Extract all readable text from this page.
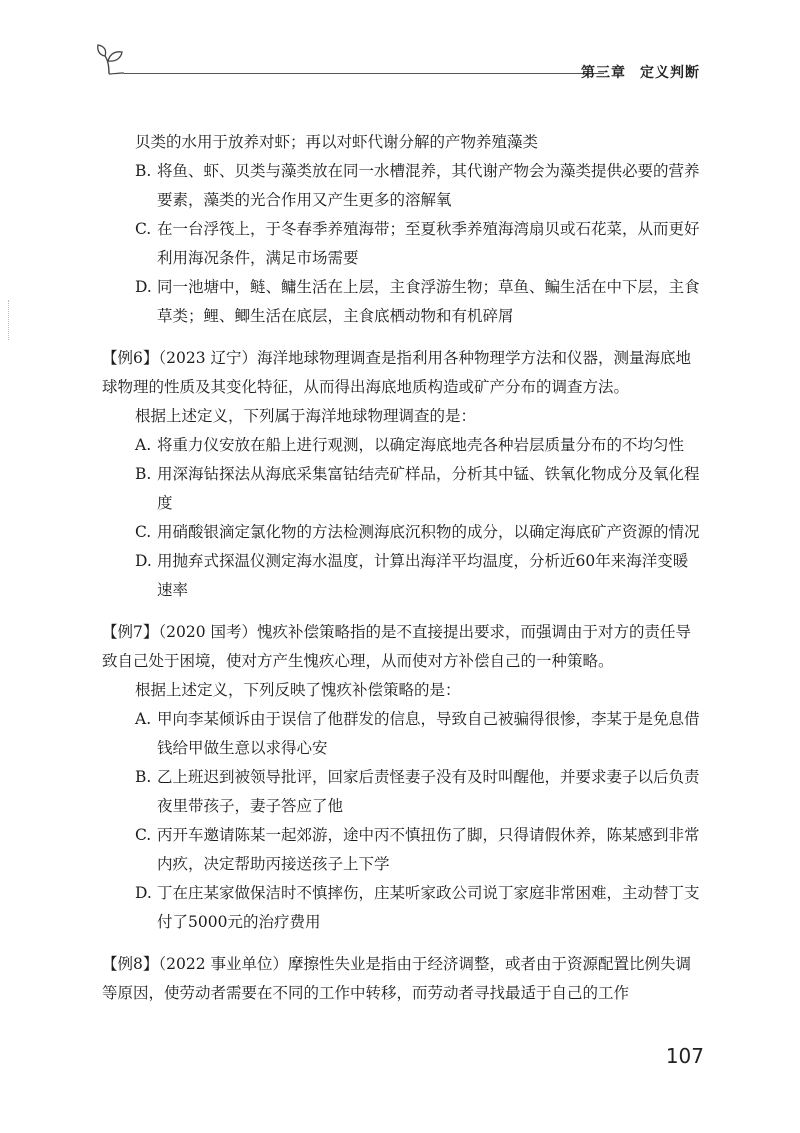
第三章 定义判断

贝类的水用于放养对虾；再以对虾代谢分解的产物养殖藻类

B. 将鱼、虾、贝类与藻类放在同一水槽混养，其代谢产物会为藻类提供必要的营养要素，藻类的光合作用又产生更多的溶解氧
C. 在一台浮筏上，于冬春季养殖海带；至夏秋季养殖海湾扇贝或石花菜，从而更好利用海况条件，满足市场需要
D. 同一池塘中，鲢、鳙生活在上层，主食浮游生物；草鱼、鳊生活在中下层，主食草类；鲤、鲫生活在底层，主食底栖动物和有机碎屑

【例6】（2023 辽宁）海洋地球物理调查是指利用各种物理学方法和仪器，测量海底地球物理的性质及其变化特征，从而得出海底地质构造或矿产分布的调查方法。

根据上述定义，下列属于海洋地球物理调查的是：

A. 将重力仪安放在船上进行观测，以确定海底地壳各种岩层质量分布的不均匀性
B. 用深海钻探法从海底采集富钴结壳矿样品，分析其中锰、铁氧化物成分及氧化程度
C. 用硝酸银滴定氯化物的方法检测海底沉积物的成分，以确定海底矿产资源的情况
D. 用抛弃式探温仪测定海水温度，计算出海洋平均温度，分析近60年来海洋变暖速率

【例7】（2020 国考）愧疚补偿策略指的是不直接提出要求，而强调由于对方的责任导致自己处于困境，使对方产生愧疚心理，从而使对方补偿自己的一种策略。

根据上述定义，下列反映了愧疚补偿策略的是：

A. 甲向李某倾诉由于误信了他群发的信息，导致自己被骗得很惨，李某于是免息借钱给甲做生意以求得心安
B. 乙上班迟到被领导批评，回家后责怪妻子没有及时叫醒他，并要求妻子以后负责夜里带孩子，妻子答应了他
C. 丙开车邀请陈某一起郊游，途中丙不慎扭伤了脚，只得请假休养，陈某感到非常内疚，决定帮助丙接送孩子上下学
D. 丁在庄某家做保洁时不慎摔伤，庄某听家政公司说丁家庭非常困难，主动替丁支付了5000元的治疗费用

【例8】（2022 事业单位）摩擦性失业是指由于经济调整，或者由于资源配置比例失调等原因，使劳动者需要在不同的工作中转移，而劳动者寻找最适于自己的工作

107
